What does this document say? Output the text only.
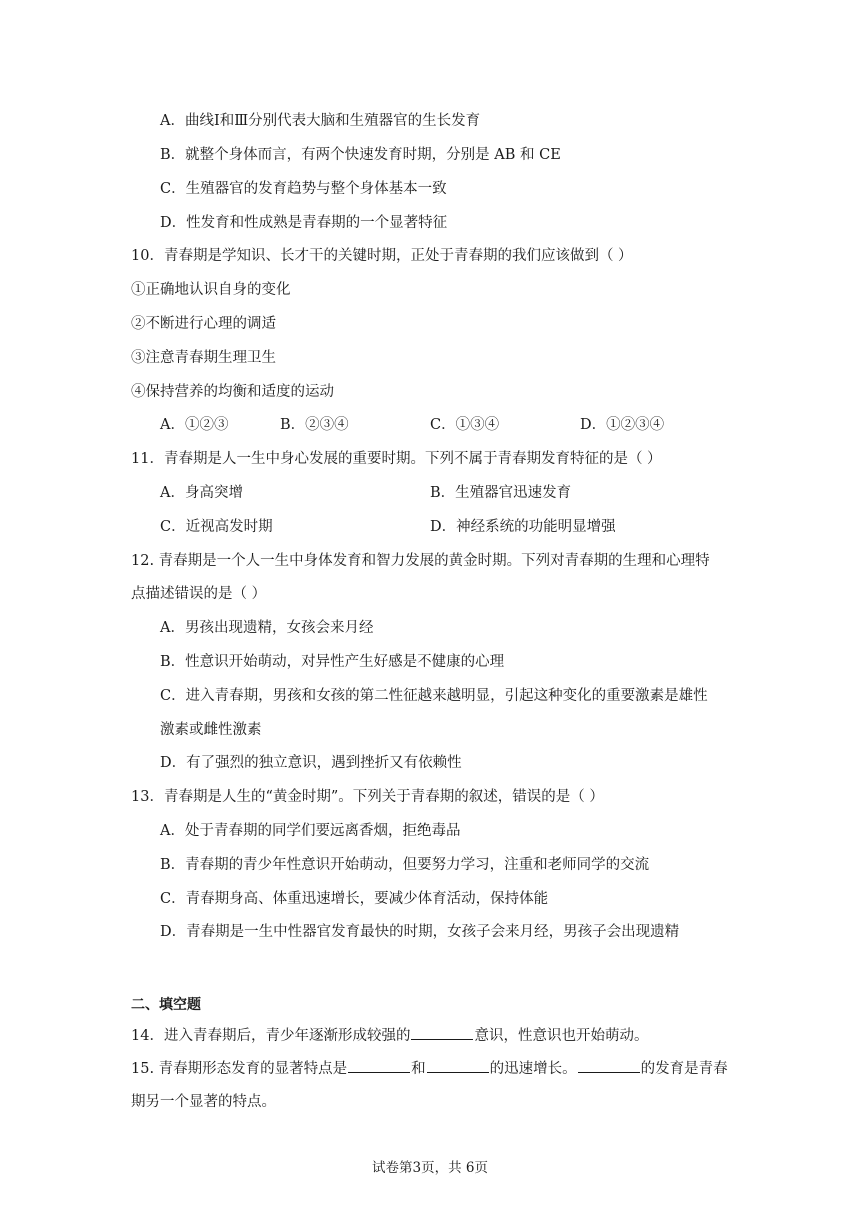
A．曲线Ⅰ和Ⅲ分别代表大脑和生殖器官的生长发育
B．就整个身体而言，有两个快速发育时期，分别是 AB 和 CE
C．生殖器官的发育趋势与整个身体基本一致
D．性发育和性成熟是青春期的一个显著特征
10．青春期是学知识、长才干的关键时期，正处于青春期的我们应该做到（ ）
①正确地认识自身的变化
②不断进行心理的调适
③注意青春期生理卫生
④保持营养的均衡和适度的运动
A．①②③	B．②③④	C．①③④	D．①②③④
11．青春期是人一生中身心发展的重要时期。下列不属于青春期发育特征的是（ ）
A．身高突增	B．生殖器官迅速发育
C．近视高发时期	D．神经系统的功能明显增强
12. 青春期是一个人一生中身体发育和智力发展的黄金时期。下列对青春期的生理和心理特
点描述错误的是（ ）
A．男孩出现遗精，女孩会来月经
B．性意识开始萌动，对异性产生好感是不健康的心理
C．进入青春期，男孩和女孩的第二性征越来越明显，引起这种变化的重要激素是雄性
激素或雌性激素
D．有了强烈的独立意识，遇到挫折又有依赖性
13．青春期是人生的“黄金时期”。下列关于青春期的叙述，错误的是（ ）
A．处于青春期的同学们要远离香烟，拒绝毒品
B．青春期的青少年性意识开始萌动，但要努力学习，注重和老师同学的交流
C．青春期身高、体重迅速增长，要减少体育活动，保持体能
D．青春期是一生中性器官发育最快的时期，女孩子会来月经，男孩子会出现遗精
二、填空题
14．进入青春期后，青少年逐渐形成较强的	意识，性意识也开始萌动。
15. 青春期形态发育的显著特点是	和	的迅速增长。	的发育是青春
期另一个显著的特点。
试卷第3页，共 6页
